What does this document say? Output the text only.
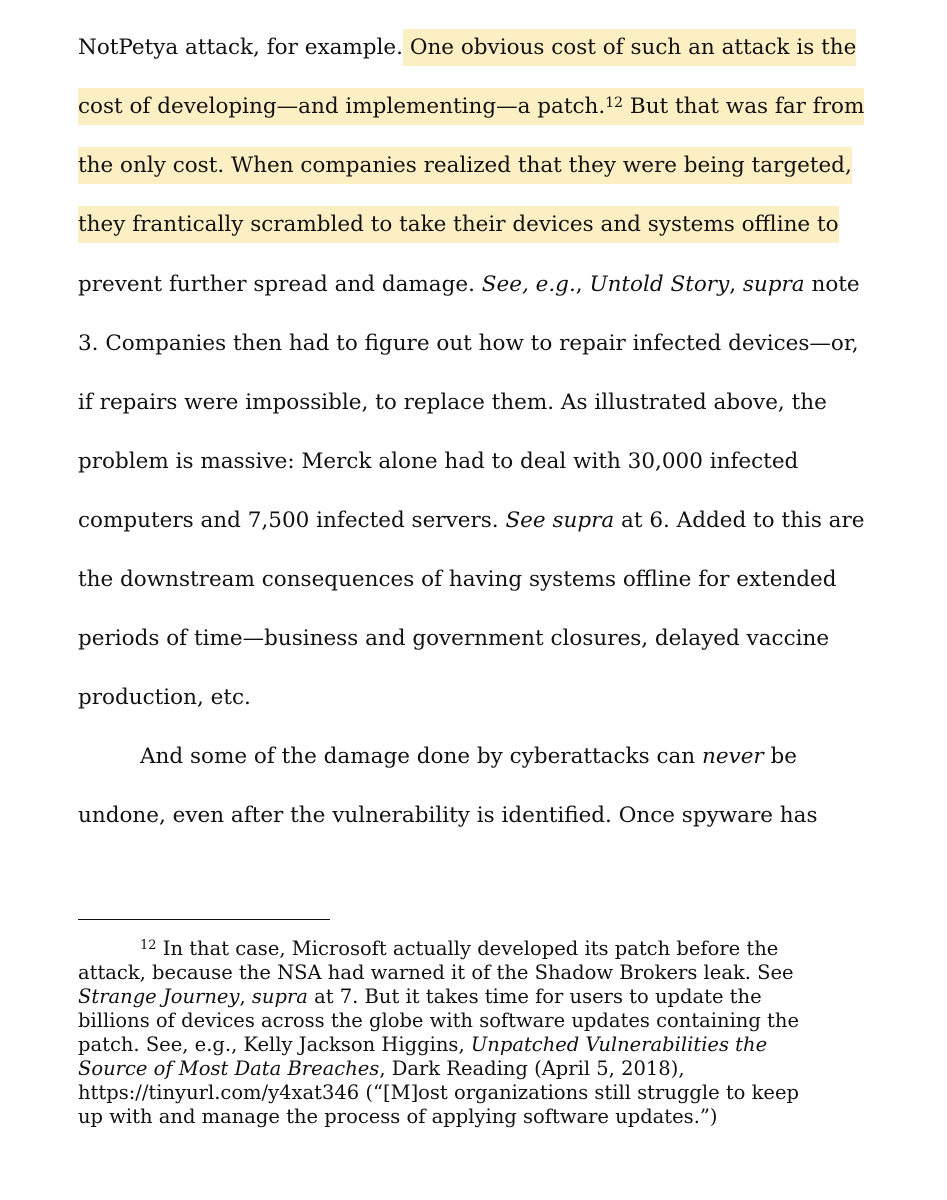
NotPetya attack, for example. One obvious cost of such an attack is the
cost of developing—and implementing—a patch.$^{12}$ But that was far from
the only cost. When companies realized that they were being targeted,
they frantically scrambled to take their devices and systems offline to
prevent further spread and damage. See, e.g., Untold Story, supra note
3. Companies then had to figure out how to repair infected devices—or,
if repairs were impossible, to replace them. As illustrated above, the
problem is massive: Merck alone had to deal with 30,000 infected
computers and 7,500 infected servers. See supra at 6. Added to this are
the downstream consequences of having systems offline for extended
periods of time—business and government closures, delayed vaccine
production, etc.
And some of the damage done by cyberattacks can never be
undone, even after the vulnerability is identified. Once spyware has
$^{12}$ In that case, Microsoft actually developed its patch before the
attack, because the NSA had warned it of the Shadow Brokers leak. See
Strange Journey, supra at 7. But it takes time for users to update the
billions of devices across the globe with software updates containing the
patch. See, e.g., Kelly Jackson Higgins, Unpatched Vulnerabilities the
Source of Most Data Breaches, Dark Reading (April 5, 2018),
https://tinyurl.com/y4xat346 (“[M]ost organizations still struggle to keep
up with and manage the process of applying software updates.”)
